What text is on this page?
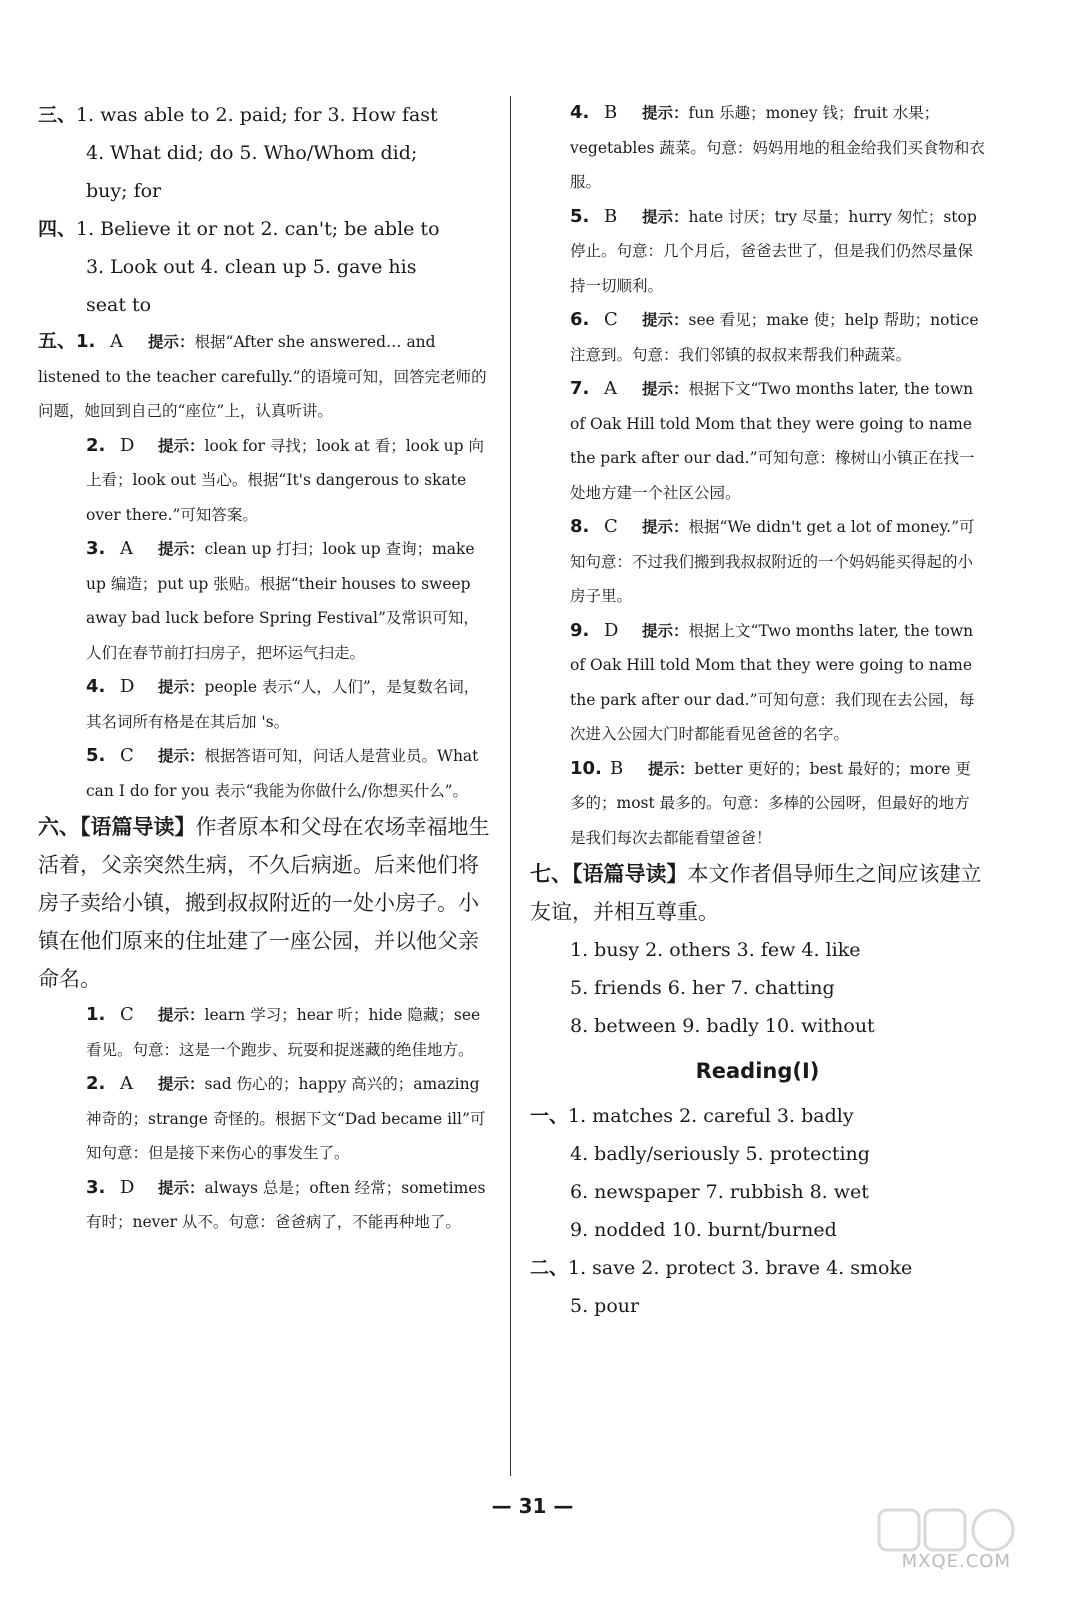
三、1. was able to 2. paid; for 3. How fast
4. What did; do 5. Who/Whom did;
buy; for
四、1. Believe it or not 2. can't; be able to
3. Look out 4. clean up 5. gave his
seat to
五、1. A 提示：根据“After she answered… and listened to the teacher carefully.”的语境可知，回答完老师的问题，她回到自己的“座位”上，认真听讲。
2. D 提示：look for 寻找；look at 看；look up 向上看；look out 当心。根据“It's dangerous to skate over there.”可知答案。
3. A 提示：clean up 打扫；look up 查询；make up 编造；put up 张贴。根据“their houses to sweep away bad luck before Spring Festival”及常识可知，人们在春节前打扫房子，把坏运气扫走。
4. D 提示：people 表示“人，人们”，是复数名词，其名词所有格是在其后加 's。
5. C 提示：根据答语可知，问话人是营业员。What can I do for you 表示“我能为你做什么/你想买什么”。
六、【语篇导读】作者原本和父母在农场幸福地生活着，父亲突然生病，不久后病逝。后来他们将房子卖给小镇，搬到叔叔附近的一处小房子。小镇在他们原来的住址建了一座公园，并以他父亲命名。
1. C 提示：learn 学习；hear 听；hide 隐藏；see 看见。句意：这是一个跑步、玩耍和捉迷藏的绝佳地方。
2. A 提示：sad 伤心的；happy 高兴的；amazing 神奇的；strange 奇怪的。根据下文“Dad became ill”可知句意：但是接下来伤心的事发生了。
3. D 提示：always 总是；often 经常；sometimes 有时；never 从不。句意：爸爸病了，不能再种地了。
4. B 提示：fun 乐趣；money 钱；fruit 水果；vegetables 蔬菜。句意：妈妈用地的租金给我们买食物和衣服。
5. B 提示：hate 讨厌；try 尽量；hurry 匆忙；stop 停止。句意：几个月后，爸爸去世了，但是我们仍然尽量保持一切顺利。
6. C 提示：see 看见；make 使；help 帮助；notice 注意到。句意：我们邻镇的叔叔来帮我们种蔬菜。
7. A 提示：根据下文“Two months later, the town of Oak Hill told Mom that they were going to name the park after our dad.”可知句意：橡树山小镇正在找一处地方建一个社区公园。
8. C 提示：根据“We didn't get a lot of money.”可知句意：不过我们搬到我叔叔附近的一个妈妈能买得起的小房子里。
9. D 提示：根据上文“Two months later, the town of Oak Hill told Mom that they were going to name the park after our dad.”可知句意：我们现在去公园，每次进入公园大门时都能看见爸爸的名字。
10. B 提示：better 更好的；best 最好的；more 更多的；most 最多的。句意：多棒的公园呀，但最好的地方是我们每次去都能看望爸爸！
七、【语篇导读】本文作者倡导师生之间应该建立友谊，并相互尊重。
1. busy 2. others 3. few 4. like
5. friends 6. her 7. chatting
8. between 9. badly 10. without
Reading(Ⅰ)
一、1. matches 2. careful 3. badly
4. badly/seriously 5. protecting
6. newspaper 7. rubbish 8. wet
9. nodded 10. burnt/burned
二、1. save 2. protect 3. brave 4. smoke
5. pour
— 31 —
MXQE.COM
